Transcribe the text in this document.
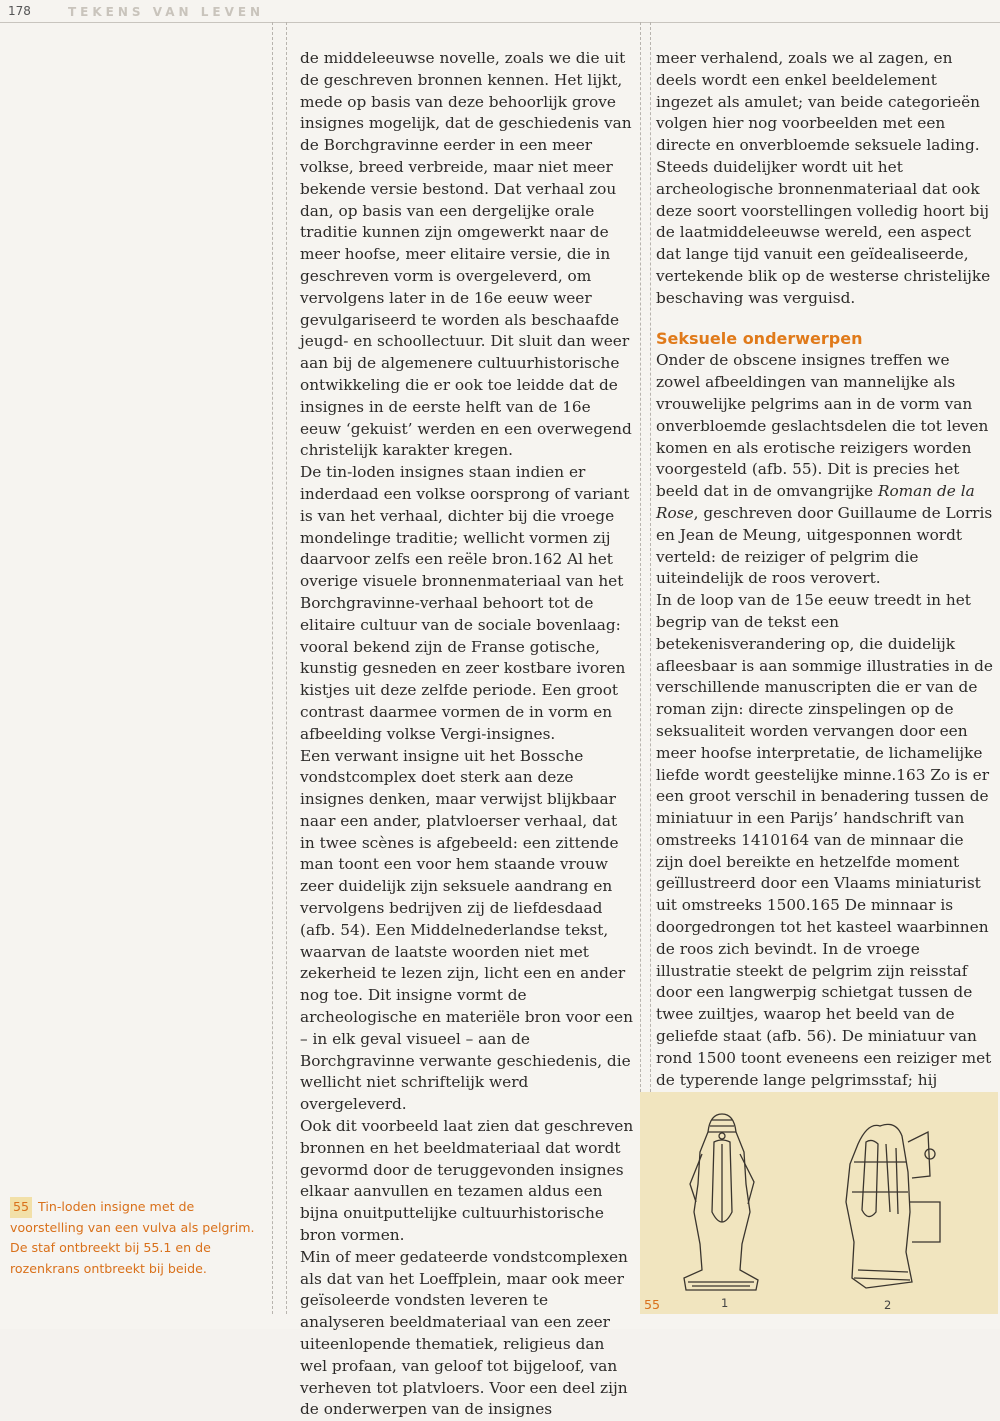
178	TEKENS VAN LEVEN

de middeleeuwse novelle, zoals we die uit de geschreven bronnen kennen. Het lijkt, mede op basis van deze behoorlijk grove insignes mogelijk, dat de geschiedenis van de Borchgravinne eerder in een meer volkse, breed verbreide, maar niet meer bekende versie bestond. Dat verhaal zou dan, op basis van een dergelijke orale traditie kunnen zijn omgewerkt naar de meer hoofse, meer elitaire versie, die in geschreven vorm is overgeleverd, om vervolgens later in de 16e eeuw weer gevulgariseerd te worden als beschaafde jeugd- en schoollectuur. Dit sluit dan weer aan bij de algemenere cultuurhistorische ontwikkeling die er ook toe leidde dat de insignes in de eerste helft van de 16e eeuw ‘gekuist’ werden en een overwegend christelijk karakter kregen.

De tin-loden insignes staan indien er inderdaad een volkse oorsprong of variant is van het verhaal, dichter bij die vroege mondelinge traditie; wellicht vormen zij daarvoor zelfs een reële bron.162 Al het overige visuele bronnenmateriaal van het Borchgravinne-verhaal behoort tot de elitaire cultuur van de sociale bovenlaag: vooral bekend zijn de Franse gotische, kunstig gesneden en zeer kostbare ivoren kistjes uit deze zelfde periode. Een groot contrast daarmee vormen de in vorm en afbeelding volkse Vergi-insignes.

Een verwant insigne uit het Bossche vondstcomplex doet sterk aan deze insignes denken, maar verwijst blijkbaar naar een ander, platvloerser verhaal, dat in twee scènes is afgebeeld: een zittende man toont een voor hem staande vrouw zeer duidelijk zijn seksuele aandrang en vervolgens bedrijven zij de liefdesdaad (afb. 54). Een Middelnederlandse tekst, waarvan de laatste woorden niet met zekerheid te lezen zijn, licht een en ander nog toe. Dit insigne vormt de archeologische en materiële bron voor een – in elk geval visueel – aan de Borchgravinne verwante geschiedenis, die wellicht niet schriftelijk werd overgeleverd.

Ook dit voorbeeld laat zien dat geschreven bronnen en het beeldmateriaal dat wordt gevormd door de teruggevonden insignes elkaar aanvullen en tezamen aldus een bijna onuitputtelijke cultuurhistorische bron vormen.

Min of meer gedateerde vondstcomplexen als dat van het Loeffplein, maar ook meer geïsoleerde vondsten leveren te analyseren beeldmateriaal van een zeer uiteenlopende thematiek, religieus dan wel profaan, van geloof tot bijgeloof, van verheven tot platvloers. Voor een deel zijn de onderwerpen van de insignes

meer verhalend, zoals we al zagen, en deels wordt een enkel beeldelement ingezet als amulet; van beide categorieën volgen hier nog voorbeelden met een directe en onverbloemde seksuele lading. Steeds duidelijker wordt uit het archeologische bronnenmateriaal dat ook deze soort voorstellingen volledig hoort bij de laatmiddeleeuwse wereld, een aspect dat lange tijd vanuit een geïdealiseerde, vertekende blik op de westerse christelijke beschaving was verguisd.

Seksuele onderwerpen

Onder de obscene insignes treffen we zowel afbeeldingen van mannelijke als vrouwelijke pelgrims aan in de vorm van onverbloemde geslachtsdelen die tot leven komen en als erotische reizigers worden voorgesteld (afb. 55). Dit is precies het beeld dat in de omvangrijke Roman de la Rose, geschreven door Guillaume de Lorris en Jean de Meung, uitgesponnen wordt verteld: de reiziger of pelgrim die uiteindelijk de roos verovert.

In de loop van de 15e eeuw treedt in het begrip van de tekst een betekenisverandering op, die duidelijk afleesbaar is aan sommige illustraties in de verschillende manuscripten die er van de roman zijn: directe zinspelingen op de seksualiteit worden vervangen door een meer hoofse interpretatie, de lichamelijke liefde wordt geestelijke minne.163 Zo is er een groot verschil in benadering tussen de miniatuur in een Parijs’ handschrift van omstreeks 1410164 van de minnaar die zijn doel bereikte en hetzelfde moment geïllustreerd door een Vlaams miniaturist uit omstreeks 1500.165 De minnaar is doorgedrongen tot het kasteel waarbinnen de roos zich bevindt. In de vroege illustratie steekt de pelgrim zijn reisstaf door een langwerpig schietgat tussen de twee zuiltjes, waarop het beeld van de geliefde staat (afb. 56). De miniatuur van rond 1500 toont eveneens een reiziger met de typerende lange pelgrimsstaf; hij

55 Tin-loden insigne met de voorstelling van een vulva als pelgrim. De staf ontbreekt bij 55.1 en de rozenkrans ontbreekt bij beide.
1	2
55
